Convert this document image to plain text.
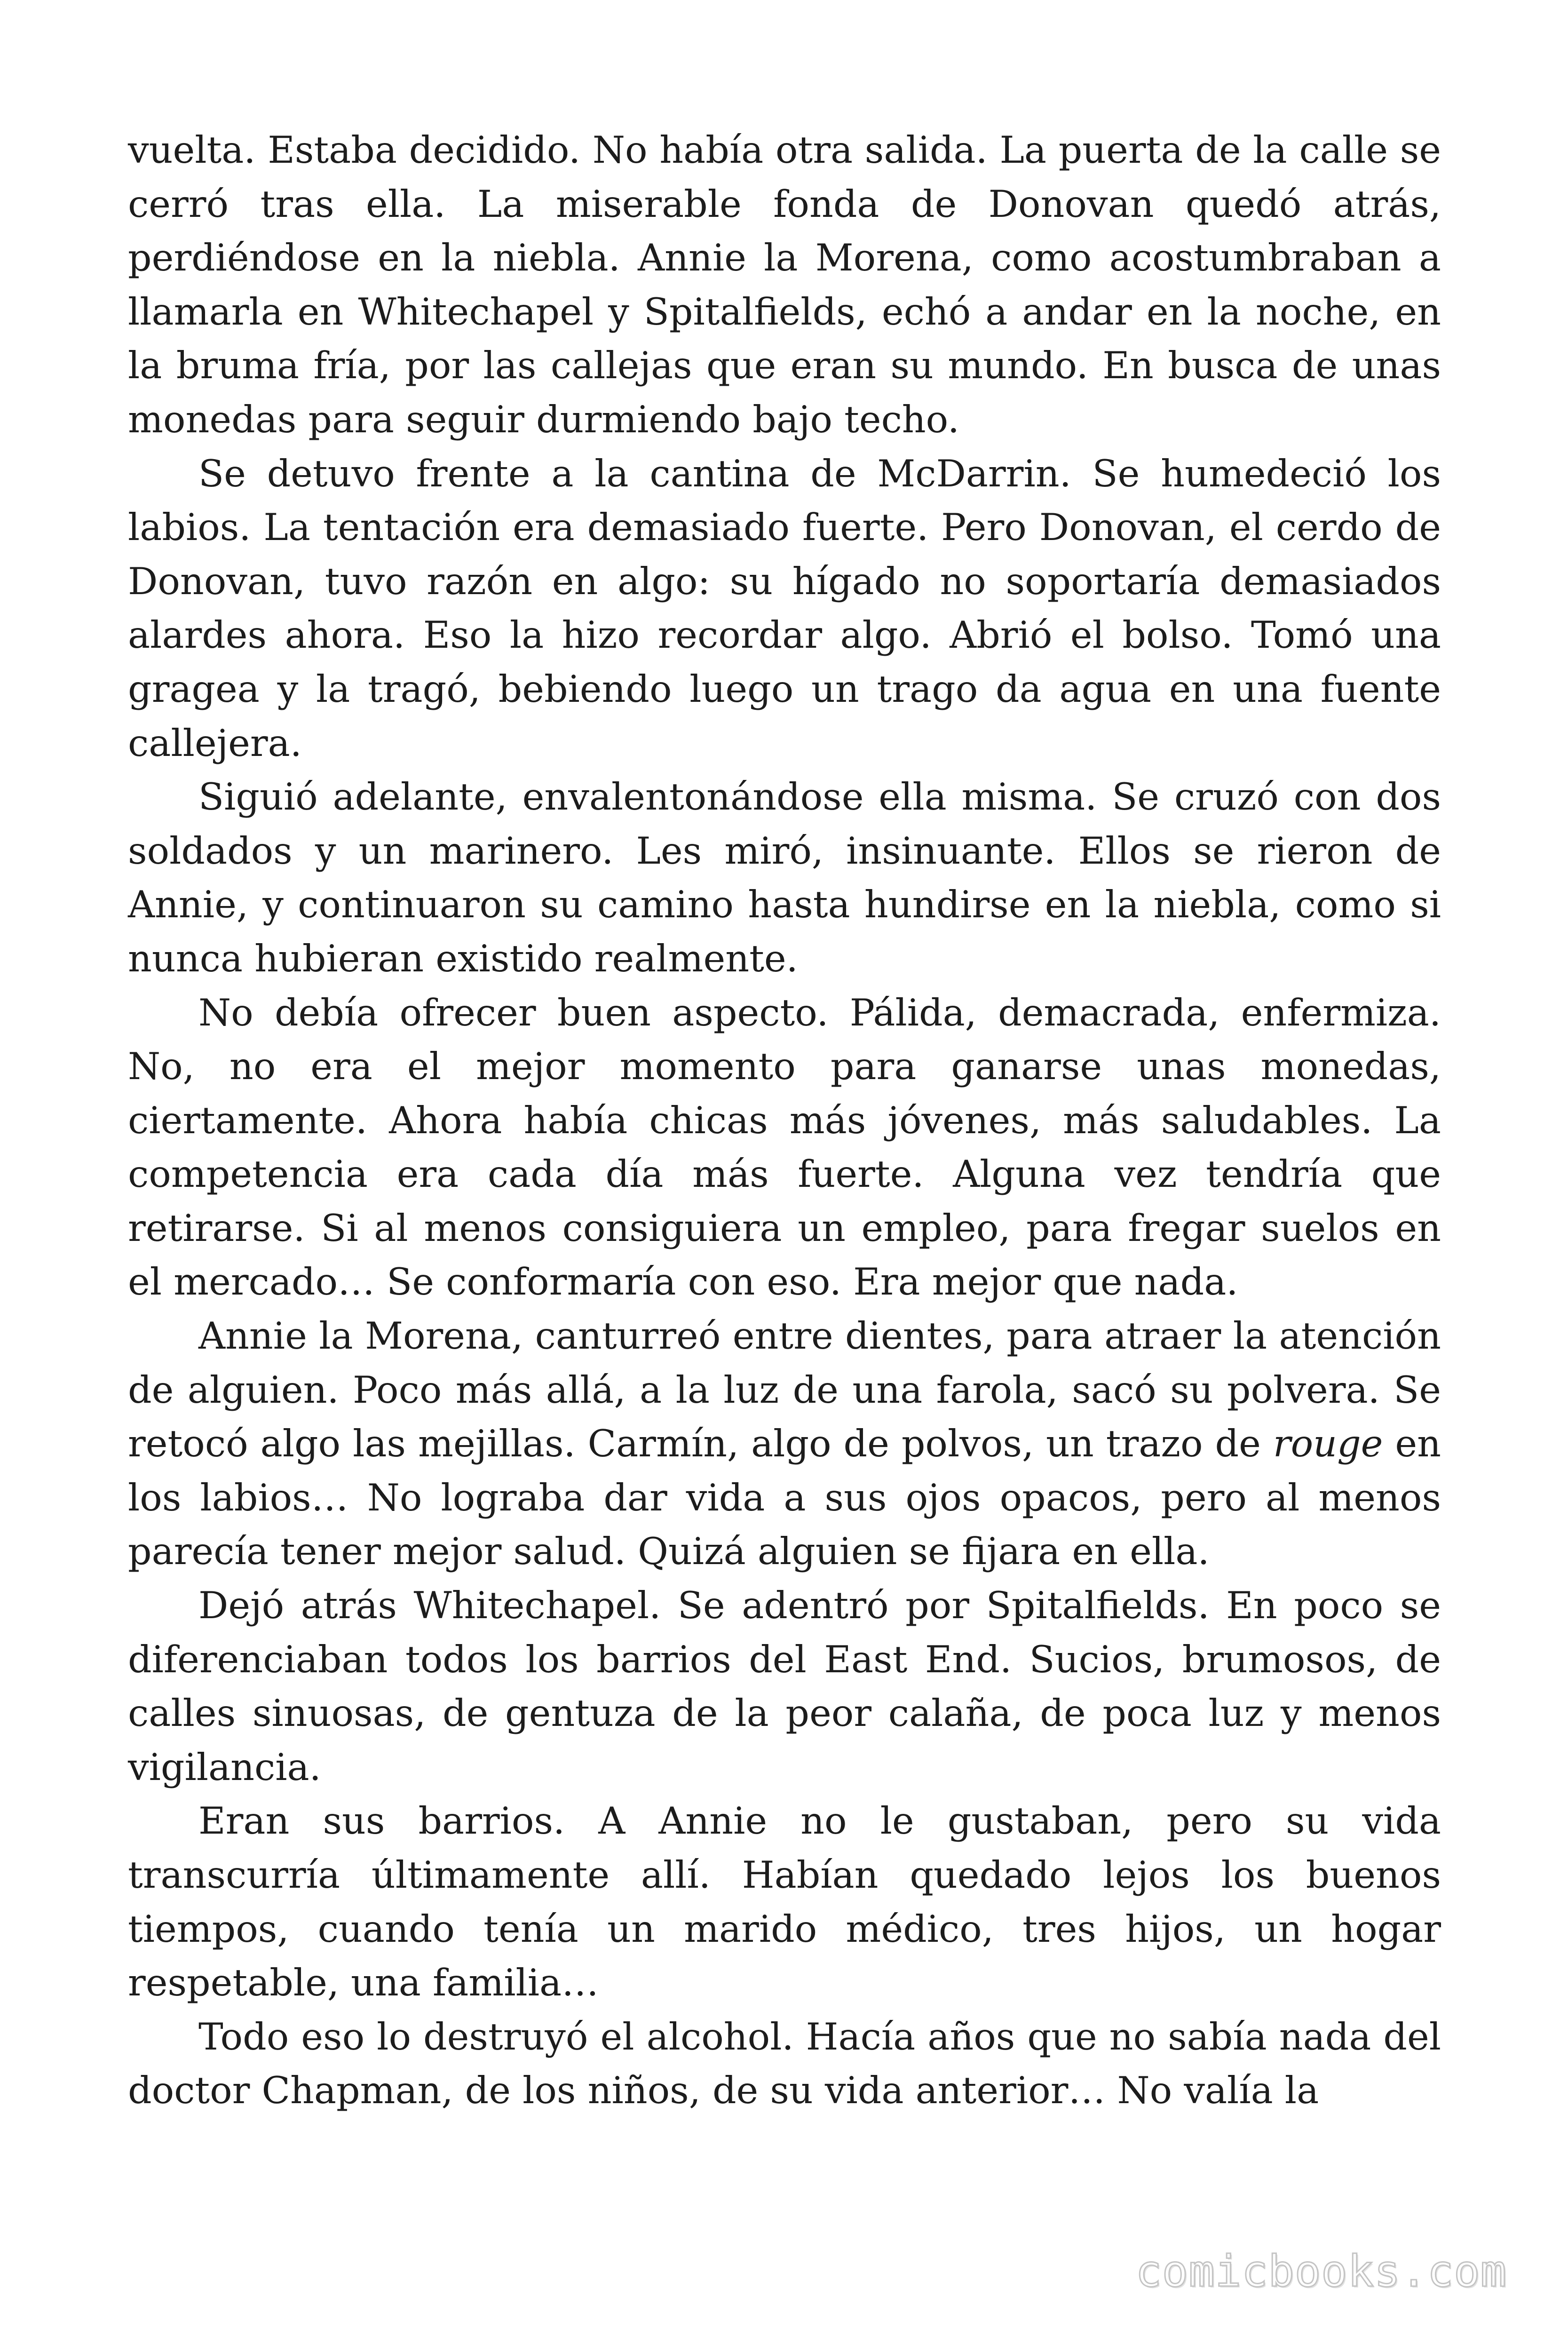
vuelta. Estaba decidido. No había otra salida. La puerta de la calle se cerró tras ella. La miserable fonda de Donovan quedó atrás, perdiéndose en la niebla. Annie la Morena, como acostumbraban a llamarla en Whitechapel y Spitalfields, echó a andar en la noche, en la bruma fría, por las callejas que eran su mundo. En busca de unas monedas para seguir durmiendo bajo techo.

Se detuvo frente a la cantina de McDarrin. Se humedeció los labios. La tentación era demasiado fuerte. Pero Donovan, el cerdo de Donovan, tuvo razón en algo: su hígado no soportaría demasiados alardes ahora. Eso la hizo recordar algo. Abrió el bolso. Tomó una gragea y la tragó, bebiendo luego un trago da agua en una fuente callejera.

Siguió adelante, envalentonándose ella misma. Se cruzó con dos soldados y un marinero. Les miró, insinuante. Ellos se rieron de Annie, y continuaron su camino hasta hundirse en la niebla, como si nunca hubieran existido realmente.

No debía ofrecer buen aspecto. Pálida, demacrada, enfermiza. No, no era el mejor momento para ganarse unas monedas, ciertamente. Ahora había chicas más jóvenes, más saludables. La competencia era cada día más fuerte. Alguna vez tendría que retirarse. Si al menos consiguiera un empleo, para fregar suelos en el mercado… Se conformaría con eso. Era mejor que nada.

Annie la Morena, canturreó entre dientes, para atraer la atención de alguien. Poco más allá, a la luz de una farola, sacó su polvera. Se retocó algo las mejillas. Carmín, algo de polvos, un trazo de rouge en los labios… No lograba dar vida a sus ojos opacos, pero al menos parecía tener mejor salud. Quizá alguien se fijara en ella.

Dejó atrás Whitechapel. Se adentró por Spitalfields. En poco se diferenciaban todos los barrios del East End. Sucios, brumosos, de calles sinuosas, de gentuza de la peor calaña, de poca luz y menos vigilancia.

Eran sus barrios. A Annie no le gustaban, pero su vida transcurría últimamente allí. Habían quedado lejos los buenos tiempos, cuando tenía un marido médico, tres hijos, un hogar respetable, una familia…

Todo eso lo destruyó el alcohol. Hacía años que no sabía nada del doctor Chapman, de los niños, de su vida anterior… No valía la

comicbooks.com
